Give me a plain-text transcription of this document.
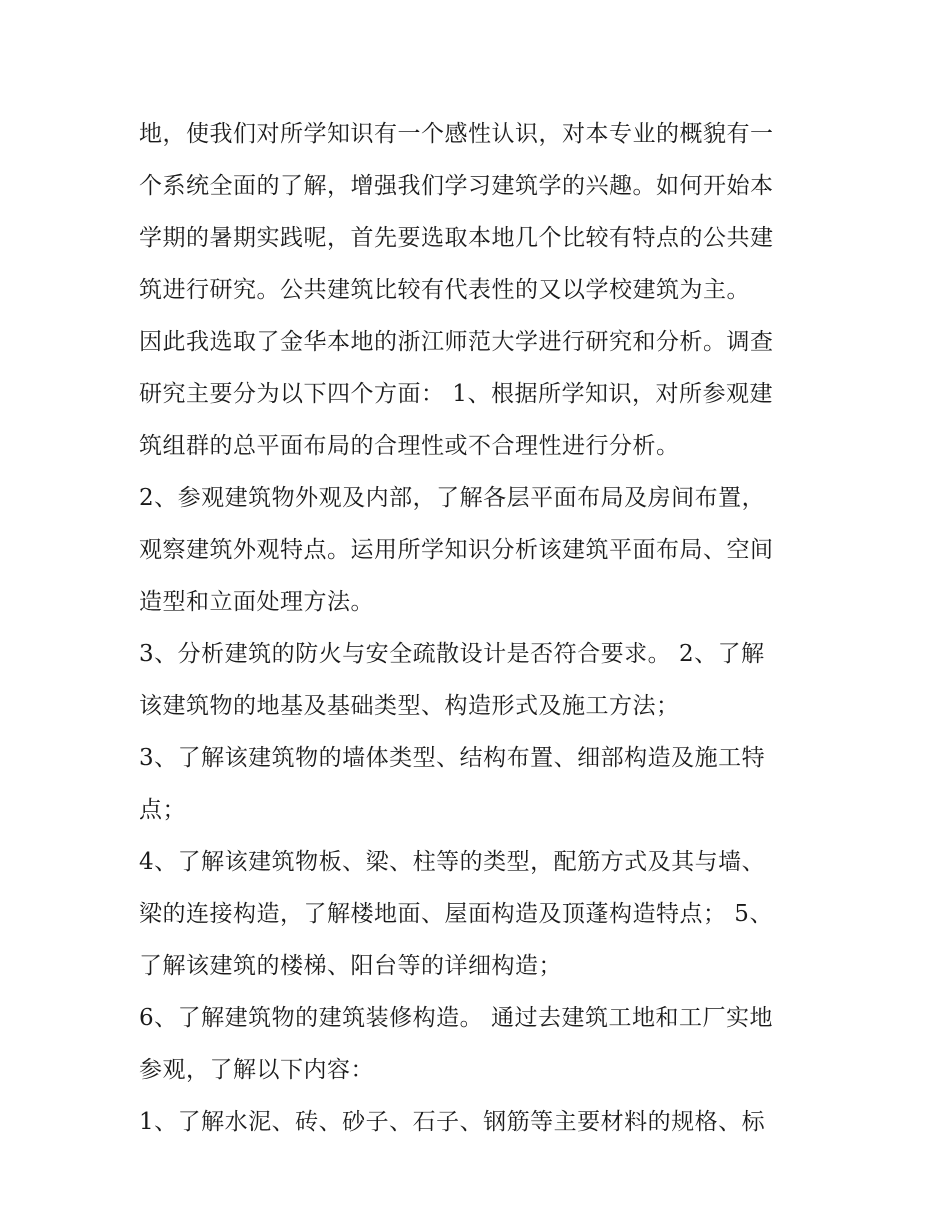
地，使我们对所学知识有一个感性认识，对本专业的概貌有一
个系统全面的了解，增强我们学习建筑学的兴趣。如何开始本
学期的暑期实践呢，首先要选取本地几个比较有特点的公共建
筑进行研究。公共建筑比较有代表性的又以学校建筑为主。
因此我选取了金华本地的浙江师范大学进行研究和分析。调查
研究主要分为以下四个方面： 1、根据所学知识，对所参观建
筑组群的总平面布局的合理性或不合理性进行分析。
2、参观建筑物外观及内部，了解各层平面布局及房间布置，
观察建筑外观特点。运用所学知识分析该建筑平面布局、空间
造型和立面处理方法。
3、分析建筑的防火与安全疏散设计是否符合要求。 2、了解
该建筑物的地基及基础类型、构造形式及施工方法；
3、了解该建筑物的墙体类型、结构布置、细部构造及施工特
点；
4、了解该建筑物板、梁、柱等的类型，配筋方式及其与墙、
梁的连接构造，了解楼地面、屋面构造及顶蓬构造特点； 5、
了解该建筑的楼梯、阳台等的详细构造；
6、了解建筑物的建筑装修构造。 通过去建筑工地和工厂实地
参观，了解以下内容：
1、了解水泥、砖、砂子、石子、钢筋等主要材料的规格、标
